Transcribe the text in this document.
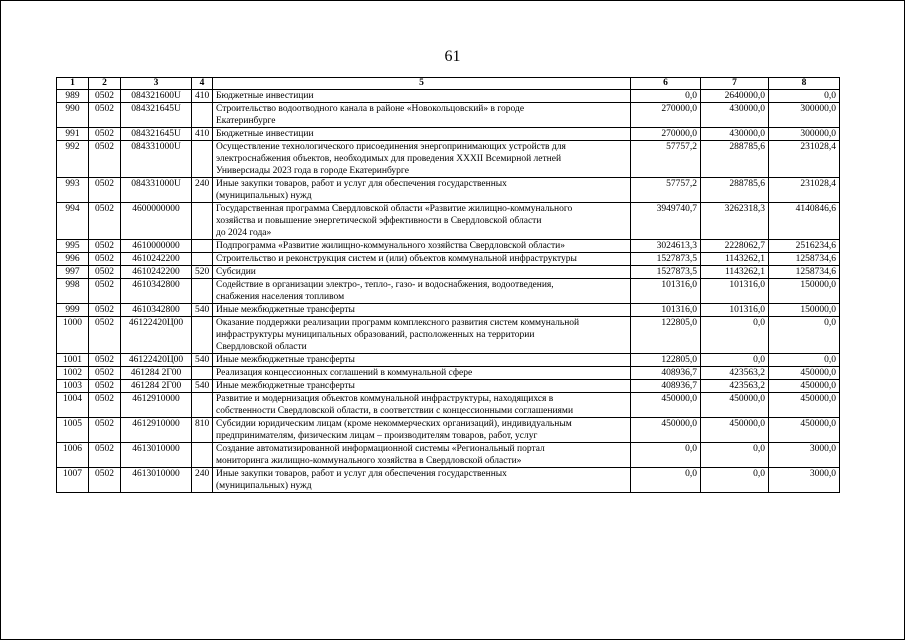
61
1	2	3	4	5	6	7	8
989	0502	084321600U	410	Бюджетные инвестиции	0,0	2640000,0	0,0
990	0502	084321645U		Строительство водоотводного канала в районе «Новокольцовский» в городе
Екатеринбурге	270000,0	430000,0	300000,0
991	0502	084321645U	410	Бюджетные инвестиции	270000,0	430000,0	300000,0
992	0502	084331000U		Осуществление технологического присоединения энергопринимающих устройств для
электроснабжения объектов, необходимых для проведения XXXII Всемирной летней
Универсиады 2023 года в городе Екатеринбурге	57757,2	288785,6	231028,4
993	0502	084331000U	240	Иные закупки товаров, работ и услуг для обеспечения государственных
(муниципальных) нужд	57757,2	288785,6	231028,4
994	0502	4600000000		Государственная программа Свердловской области «Развитие жилищно-коммунального
хозяйства и повышение энергетической эффективности в Свердловской области
до 2024 года»	3949740,7	3262318,3	4140846,6
995	0502	4610000000		Подпрограмма «Развитие жилищно-коммунального хозяйства Свердловской области»	3024613,3	2228062,7	2516234,6
996	0502	4610242200		Строительство и реконструкция систем и (или) объектов коммунальной инфраструктуры	1527873,5	1143262,1	1258734,6
997	0502	4610242200	520	Субсидии	1527873,5	1143262,1	1258734,6
998	0502	4610342800		Содействие в организации электро-, тепло-, газо- и водоснабжения, водоотведения,
снабжения населения топливом	101316,0	101316,0	150000,0
999	0502	4610342800	540	Иные межбюджетные трансферты	101316,0	101316,0	150000,0
1000	0502	46122420Ц00		Оказание поддержки реализации программ комплексного развития систем коммунальной
инфраструктуры муниципальных образований, расположенных на территории
Свердловской области	122805,0	0,0	0,0
1001	0502	46122420Ц00	540	Иные межбюджетные трансферты	122805,0	0,0	0,0
1002	0502	461284 2Г00		Реализация концессионных соглашений в коммунальной сфере	408936,7	423563,2	450000,0
1003	0502	461284 2Г00	540	Иные межбюджетные трансферты	408936,7	423563,2	450000,0
1004	0502	4612910000		Развитие и модернизация объектов коммунальной инфраструктуры, находящихся в
собственности Свердловской области, в соответствии с концессионными соглашениями	450000,0	450000,0	450000,0
1005	0502	4612910000	810	Субсидии юридическим лицам (кроме некоммерческих организаций), индивидуальным
предпринимателям, физическим лицам – производителям товаров, работ, услуг	450000,0	450000,0	450000,0
1006	0502	4613010000		Создание автоматизированной информационной системы «Региональный портал
мониторинга жилищно-коммунального хозяйства в Свердловской области»	0,0	0,0	3000,0
1007	0502	4613010000	240	Иные закупки товаров, работ и услуг для обеспечения государственных
(муниципальных) нужд	0,0	0,0	3000,0
